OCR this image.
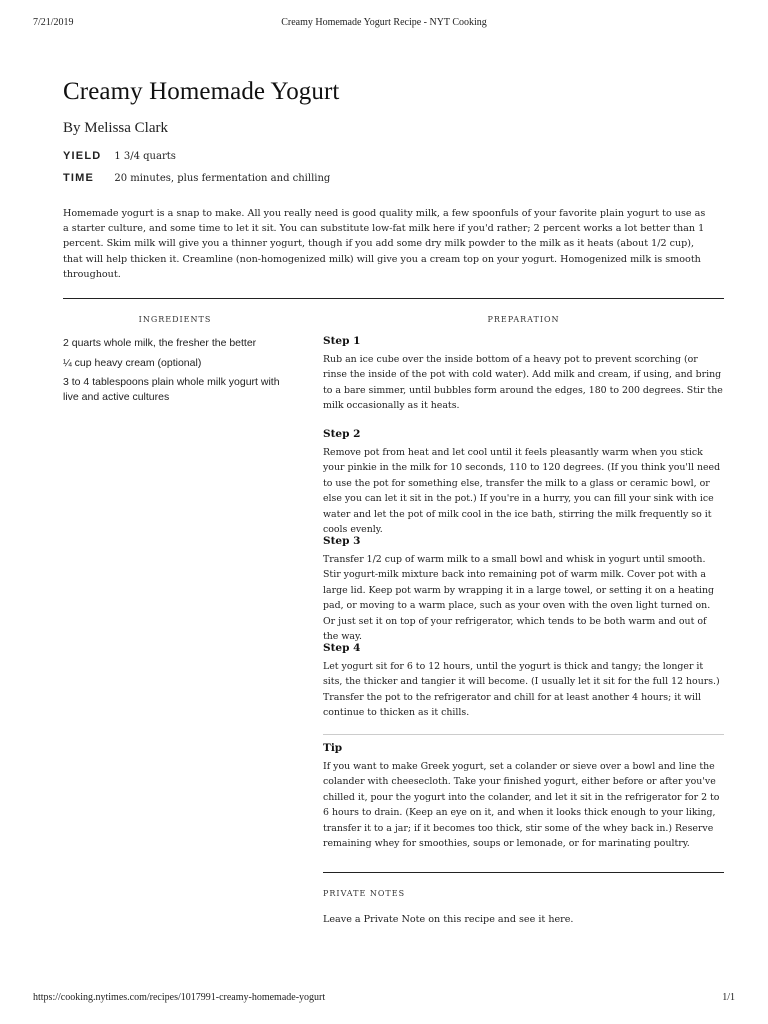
7/21/2019	Creamy Homemade Yogurt Recipe - NYT Cooking
Creamy Homemade Yogurt
By Melissa Clark
YIELD 1 3/4 quarts
TIME 20 minutes, plus fermentation and chilling

Homemade yogurt is a snap to make. All you really need is good quality milk, a few spoonfuls of your favorite plain yogurt to use as a starter culture, and some time to let it sit. You can substitute low-fat milk here if you'd rather; 2 percent works a lot better than 1 percent. Skim milk will give you a thinner yogurt, though if you add some dry milk powder to the milk as it heats (about 1/2 cup), that will help thicken it. Creamline (non-homogenized milk) will give you a cream top on your yogurt. Homogenized milk is smooth throughout.

INGREDIENTS	PREPARATION
2 quarts whole milk, the fresher the better
¼ cup heavy cream (optional)
3 to 4 tablespoons plain whole milk yogurt with live and active cultures
Step 1

Rub an ice cube over the inside bottom of a heavy pot to prevent scorching (or rinse the inside of the pot with cold water). Add milk and cream, if using, and bring to a bare simmer, until bubbles form around the edges, 180 to 200 degrees. Stir the milk occasionally as it heats.

Step 2

Remove pot from heat and let cool until it feels pleasantly warm when you stick your pinkie in the milk for 10 seconds, 110 to 120 degrees. (If you think you'll need to use the pot for something else, transfer the milk to a glass or ceramic bowl, or else you can let it sit in the pot.) If you're in a hurry, you can fill your sink with ice water and let the pot of milk cool in the ice bath, stirring the milk frequently so it cools evenly.

Step 3

Transfer 1/2 cup of warm milk to a small bowl and whisk in yogurt until smooth. Stir yogurt-milk mixture back into remaining pot of warm milk. Cover pot with a large lid. Keep pot warm by wrapping it in a large towel, or setting it on a heating pad, or moving to a warm place, such as your oven with the oven light turned on. Or just set it on top of your refrigerator, which tends to be both warm and out of the way.

Step 4

Let yogurt sit for 6 to 12 hours, until the yogurt is thick and tangy; the longer it sits, the thicker and tangier it will become. (I usually let it sit for the full 12 hours.) Transfer the pot to the refrigerator and chill for at least another 4 hours; it will continue to thicken as it chills.

Tip

If you want to make Greek yogurt, set a colander or sieve over a bowl and line the colander with cheesecloth. Take your finished yogurt, either before or after you've chilled it, pour the yogurt into the colander, and let it sit in the refrigerator for 2 to 6 hours to drain. (Keep an eye on it, and when it looks thick enough to your liking, transfer it to a jar; if it becomes too thick, stir some of the whey back in.) Reserve remaining whey for smoothies, soups or lemonade, or for marinating poultry.

PRIVATE NOTES
Leave a Private Note on this recipe and see it here.
https://cooking.nytimes.com/recipes/1017991-creamy-homemade-yogurt	1/1
